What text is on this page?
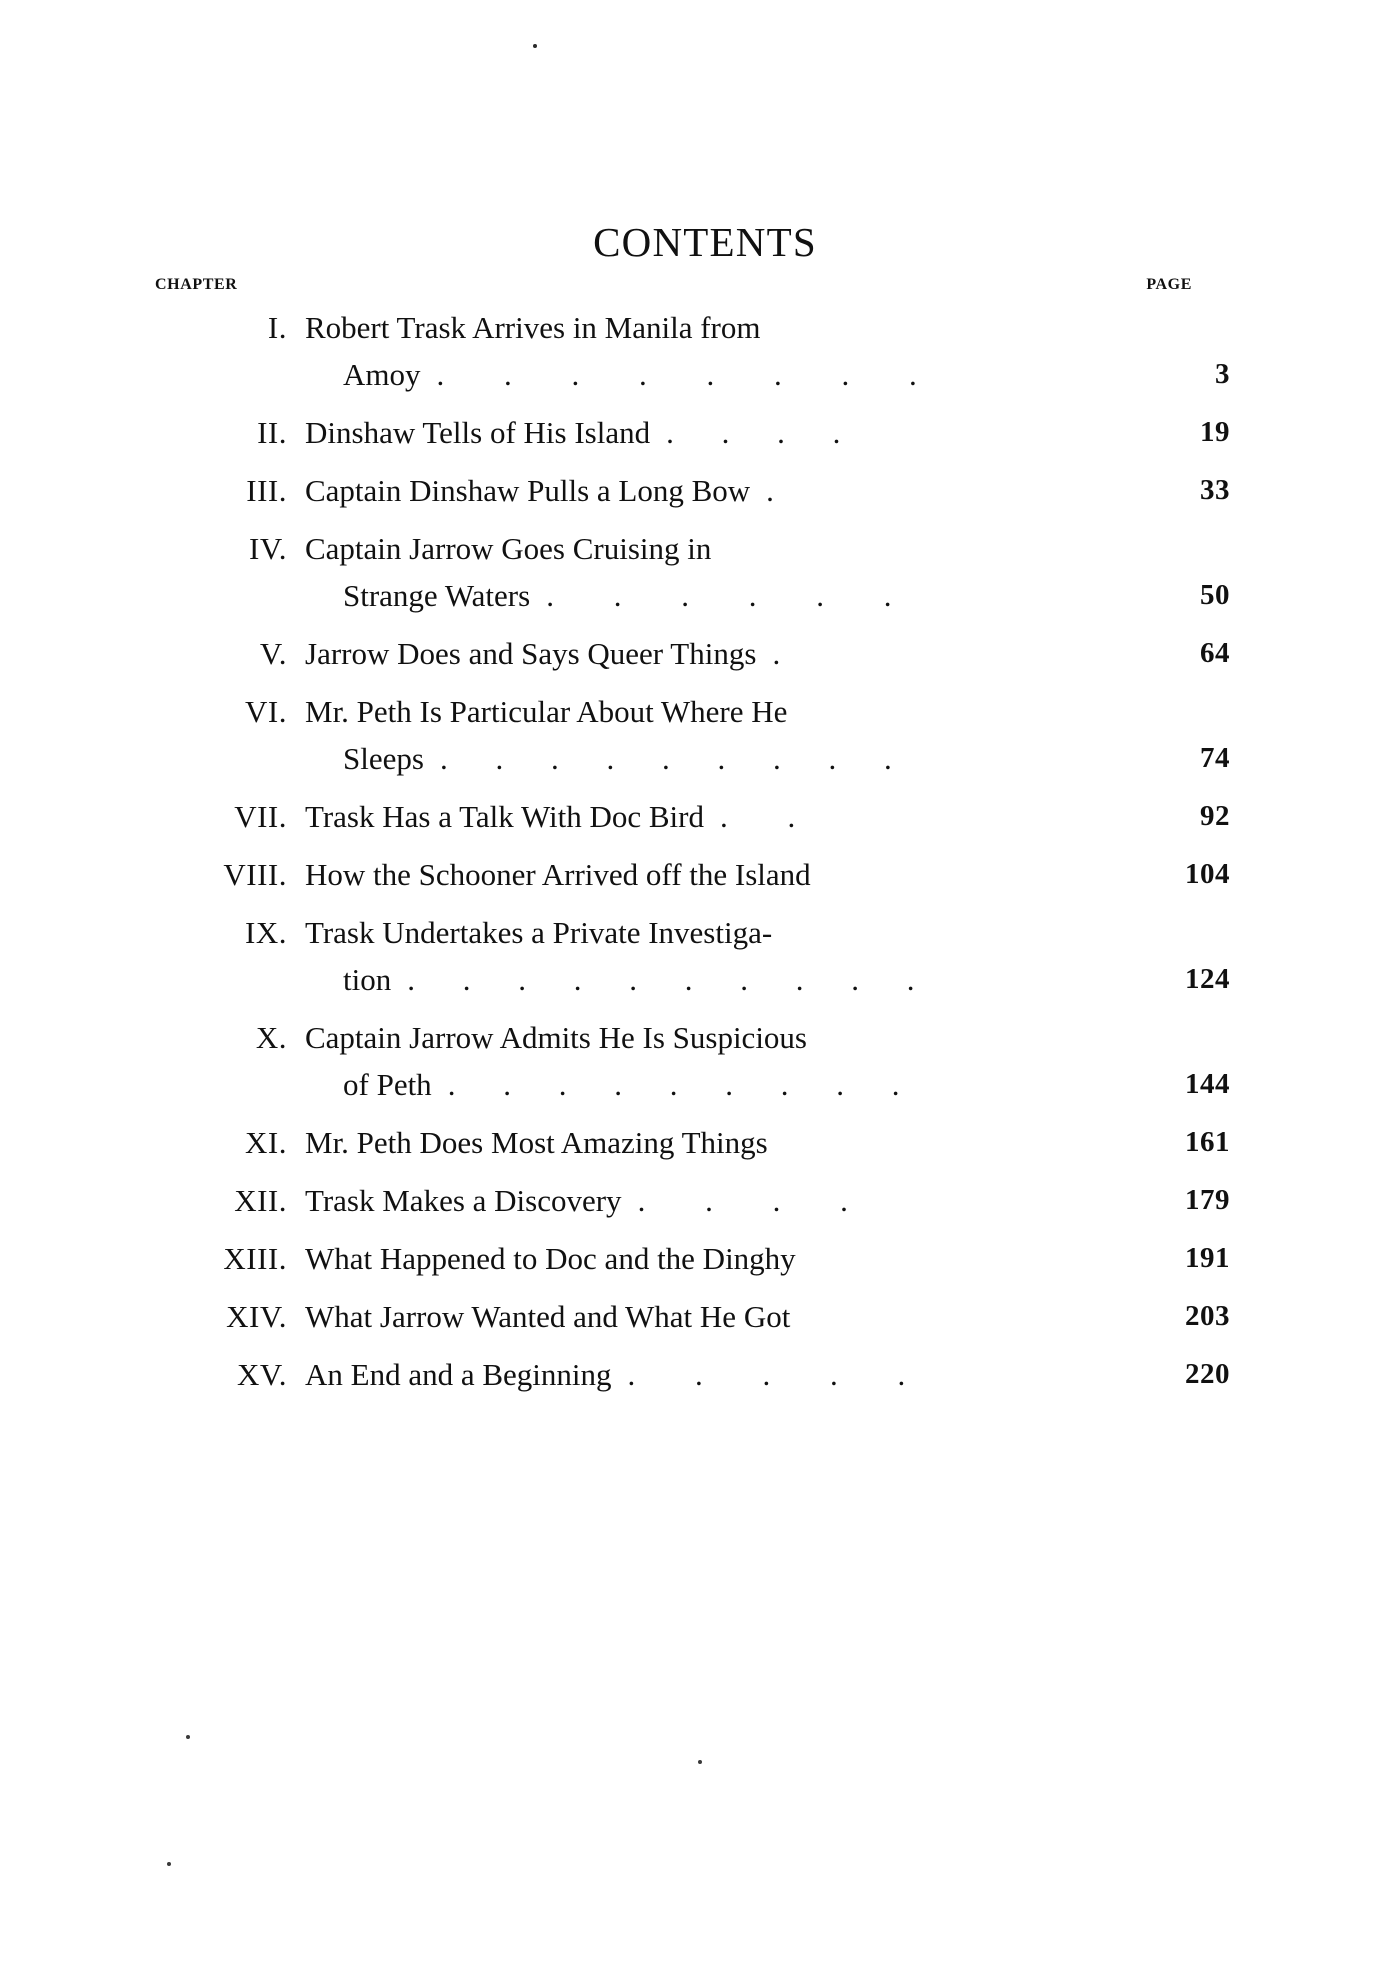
CONTENTS
CHAPTER	PAGE
I. Robert Trask Arrives in Manila from
Amoy . . . . . . . .	3
II. Dinshaw Tells of His Island . . . .	19
III. Captain Dinshaw Pulls a Long Bow .	33
IV. Captain Jarrow Goes Cruising in
Strange Waters . . . . . .	50
V. Jarrow Does and Says Queer Things .	64
VI. Mr. Peth Is Particular About Where He
Sleeps . . . . . . . . .	74
VII. Trask Has a Talk With Doc Bird . .	92
VIII. How the Schooner Arrived off the Island	104
IX. Trask Undertakes a Private Investiga-
tion . . . . . . . . . .	124
X. Captain Jarrow Admits He Is Suspicious
of Peth . . . . . . . . .	144
XI. Mr. Peth Does Most Amazing Things	161
XII. Trask Makes a Discovery . . . .	179
XIII. What Happened to Doc and the Dinghy	191
XIV. What Jarrow Wanted and What He Got	203
XV. An End and a Beginning . . . . .	220
